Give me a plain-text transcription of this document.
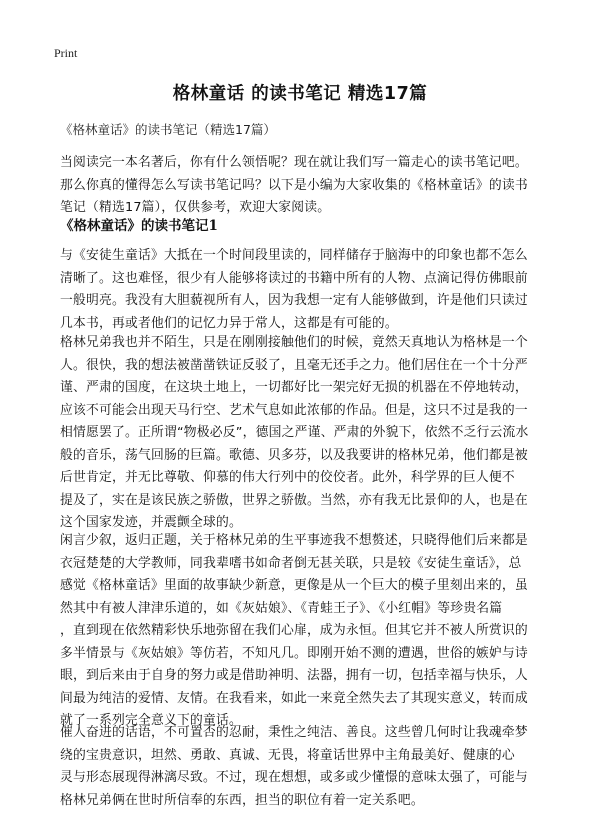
Print
格林童话 的读书笔记 精选17篇
《格林童话》的读书笔记（精选17篇）
当阅读完一本名著后，你有什么领悟呢？现在就让我们写一篇走心的读书笔记吧。
那么你真的懂得怎么写读书笔记吗？以下是小编为大家收集的《格林童话》的读书
笔记（精选17篇），仅供参考，欢迎大家阅读。
《格林童话》的读书笔记1
与《安徒生童话》大抵在一个时间段里读的，同样储存于脑海中的印象也都不怎么
清晰了。这也难怪，很少有人能够将读过的书籍中所有的人物、点滴记得仿佛眼前
一般明亮。我没有大胆藐视所有人，因为我想一定有人能够做到，许是他们只读过
几本书，再或者他们的记忆力异于常人，这都是有可能的。
格林兄弟我也并不陌生，只是在刚刚接触他们的时候，竟然天真地认为格林是一个
人。很快，我的想法被凿凿铁证反驳了，且毫无还手之力。他们居住在一个十分严
谨、严肃的国度，在这块土地上，一切都好比一架完好无损的机器在不停地转动，
应该不可能会出现天马行空、艺术气息如此浓郁的作品。但是，这只不过是我的一
相情愿罢了。正所谓“物极必反”，德国之严谨、严肃的外貌下，依然不乏行云流水
般的音乐，荡气回肠的巨篇。歌德、贝多芬，以及我要讲的格林兄弟，他们都是被
后世肯定，并无比尊敬、仰慕的伟大行列中的佼佼者。此外，科学界的巨人便不
提及了，实在是该民族之骄傲，世界之骄傲。当然，亦有我无比景仰的人，也是在
这个国家发迹，并震颤全球的。
闲言少叙，返归正题，关于格林兄弟的生平事迹我不想赘述，只晓得他们后来都是
衣冠楚楚的大学教师，同我辈嗜书如命者倒无甚关联，只是较《安徒生童话》，总
感觉《格林童话》里面的故事缺少新意，更像是从一个巨大的模子里刻出来的，虽
然其中有被人津津乐道的，如《灰姑娘》、《青蛙王子》、《小红帽》等珍贵名篇
，直到现在依然精彩快乐地弥留在我们心扉，成为永恒。但其它并不被人所赏识的
多半情景与《灰姑娘》等仿若，不知凡几。即刚开始不测的遭遇，世俗的嫉妒与诗
眼，到后来由于自身的努力或是借助神明、法器，拥有一切，包括幸福与快乐，人
间最为纯洁的爱情、友情。在我看来，如此一来竟全然失去了其现实意义，转而成
就了一系列完全意义下的童话。
催人奋进的话语，不可置否的忍耐，秉性之纯洁、善良。这些曾几何时让我魂牵梦
绕的宝贵意识，坦然、勇敢、真诚、无畏，将童话世界中主角最美好、健康的心
灵与形态展现得淋漓尽致。不过，现在想想，或多或少懂憬的意味太强了，可能与
格林兄弟俩在世时所信奉的东西，担当的职位有着一定关系吧。
